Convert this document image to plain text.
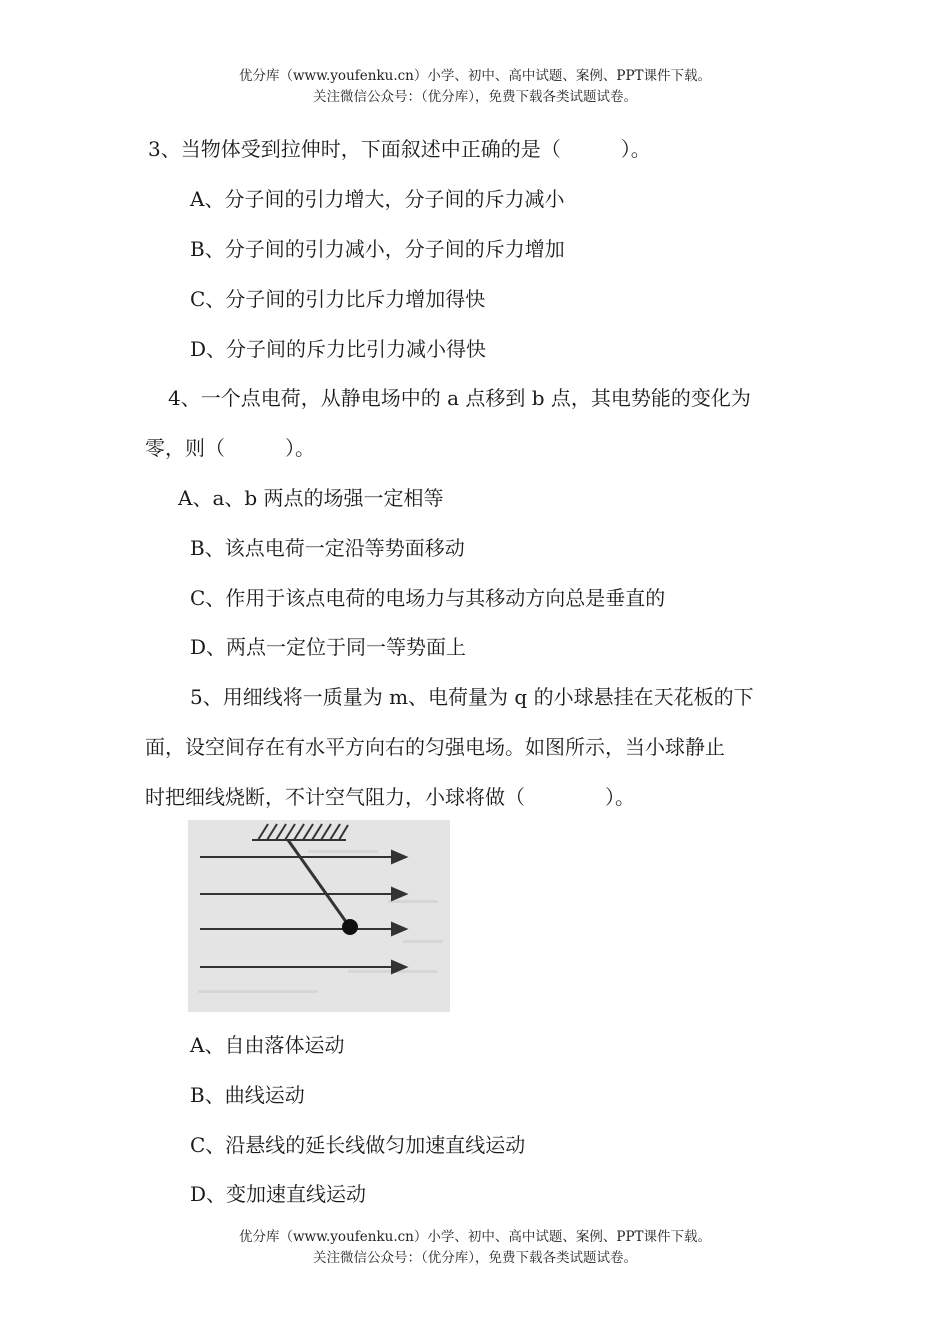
优分库（www.youfenku.cn）小学、初中、高中试题、案例、PPT课件下载。
关注微信公众号：（优分库），免费下载各类试题试卷。
3、当物体受到拉伸时，下面叙述中正确的是（　　　）。
A、分子间的引力增大，分子间的斥力减小
B、分子间的引力减小，分子间的斥力增加
C、分子间的引力比斥力增加得快
D、分子间的斥力比引力减小得快
4、一个点电荷，从静电场中的 a 点移到 b 点，其电势能的变化为
零，则（　　　）。
A、a、b 两点的场强一定相等
B、该点电荷一定沿等势面移动
C、作用于该点电荷的电场力与其移动方向总是垂直的
D、两点一定位于同一等势面上
5、用细线将一质量为 m、电荷量为 q 的小球悬挂在天花板的下
面，设空间存在有水平方向右的匀强电场。如图所示，当小球静止
时把细线烧断，不计空气阻力，小球将做（　　　　）。
A、自由落体运动
B、曲线运动
C、沿悬线的延长线做匀加速直线运动
D、变加速直线运动
优分库（www.youfenku.cn）小学、初中、高中试题、案例、PPT课件下载。
关注微信公众号：（优分库），免费下载各类试题试卷。
